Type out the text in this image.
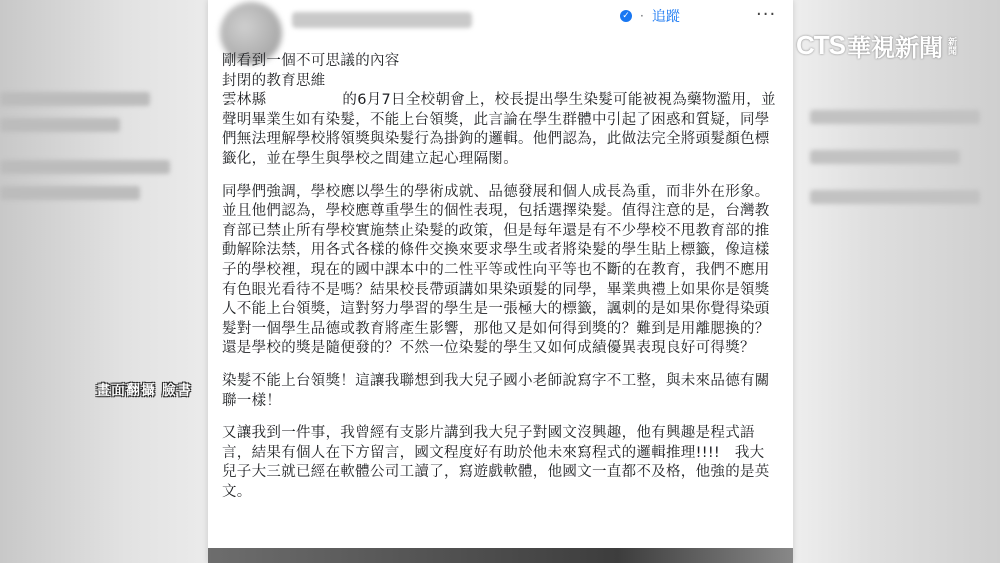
✓ · 追蹤	···

剛看到一個不可思議的內容

封閉的教育思維

雲林縣	的6月7日全校朝會上，校長提出學生染髮可能被視為藥物濫用，並聲明畢業生如有染髮，不能上台領獎，此言論在學生群體中引起了困惑和質疑，同學們無法理解學校將領獎與染髮行為掛鉤的邏輯。他們認為，此做法完全將頭髮顏色標籤化，並在學生與學校之間建立起心理隔閡。

同學們強調，學校應以學生的學術成就、品德發展和個人成長為重，而非外在形象。並且他們認為，學校應尊重學生的個性表現，包括選擇染髮。值得注意的是，台灣教育部已禁止所有學校實施禁止染髮的政策，但是每年還是有不少學校不甩教育部的推動解除法禁，用各式各樣的條件交換來要求學生或者將染髮的學生貼上標籤，像這樣子的學校裡，現在的國中課本中的二性平等或性向平等也不斷的在教育，我們不應用有色眼光看待不是嗎？結果校長帶頭講如果染頭髮的同學，畢業典禮上如果你是領獎人不能上台領獎，這對努力學習的學生是一張極大的標籤，諷刺的是如果你覺得染頭髮對一個學生品德或教育將產生影響，那他又是如何得到獎的？難到是用離腮換的？還是學校的獎是隨便發的？不然一位染髮的學生又如何成績優異表現良好可得獎？

染髮不能上台領獎！這讓我聯想到我大兒子國小老師說寫字不工整，與未來品德有關聯一樣！

又讓我到一件事，我曾經有支影片講到我大兒子對國文沒興趣，他有興趣是程式語言，結果有個人在下方留言，國文程度好有助於他未來寫程式的邏輯推理!!!!　我大兒子大三就已經在軟體公司工讀了，寫遊戲軟體，他國文一直都不及格，他強的是英文。

CTS 華視新聞 新聞
畫面翻攝 臉書
